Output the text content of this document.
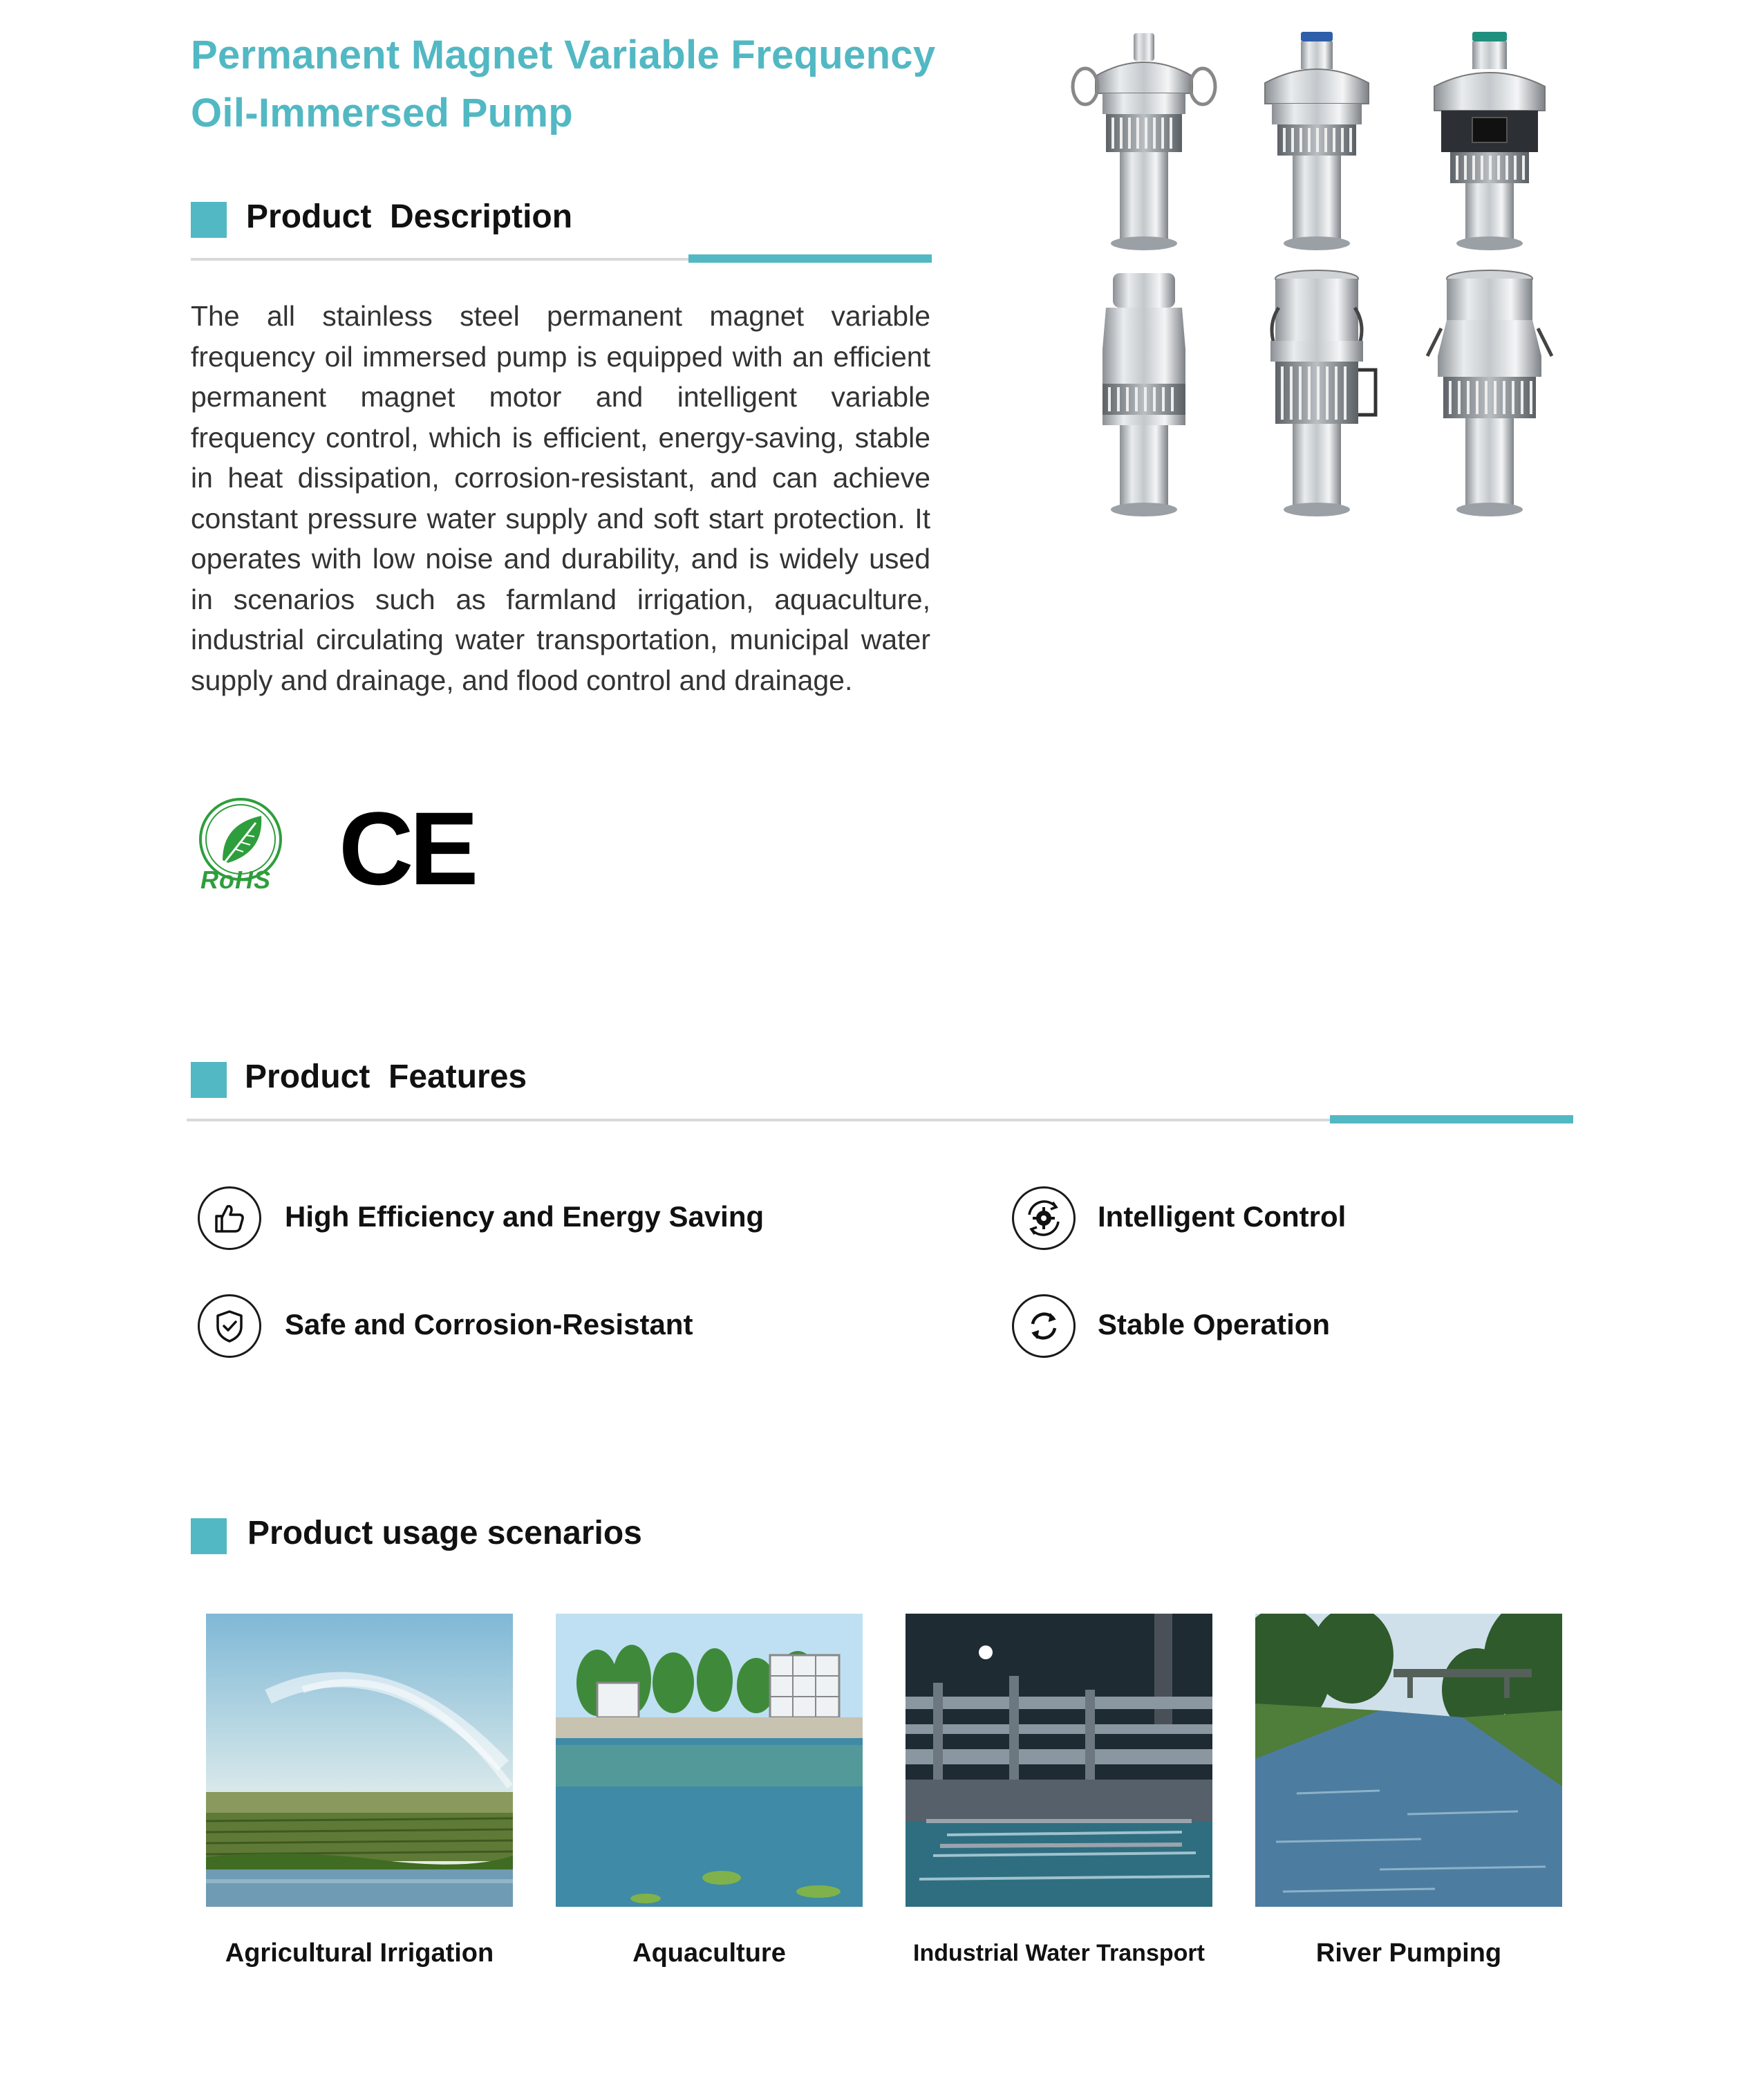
Permanent Magnet Variable Frequency
Oil-Immersed Pump
Product  Description
The all stainless steel permanent magnet variable frequency oil immersed pump is equipped with an efficient permanent magnet motor and intelligent variable frequency control, which is efficient, energy-saving, stable in heat dissipation, corrosion-resistant, and can achieve constant pressure water supply and soft start protection. It operates with low noise and durability, and is widely used in scenarios such as farmland irrigation, aquaculture, industrial circulating water transportation, municipal water supply and drainage, and flood control and drainage.
RoHS CE
Product  Features
High Efficiency and Energy Saving	Intelligent Control
Safe and Corrosion-Resistant	Stable Operation
Product usage scenarios
Agricultural Irrigation	Aquaculture	Industrial Water Transport	River Pumping
